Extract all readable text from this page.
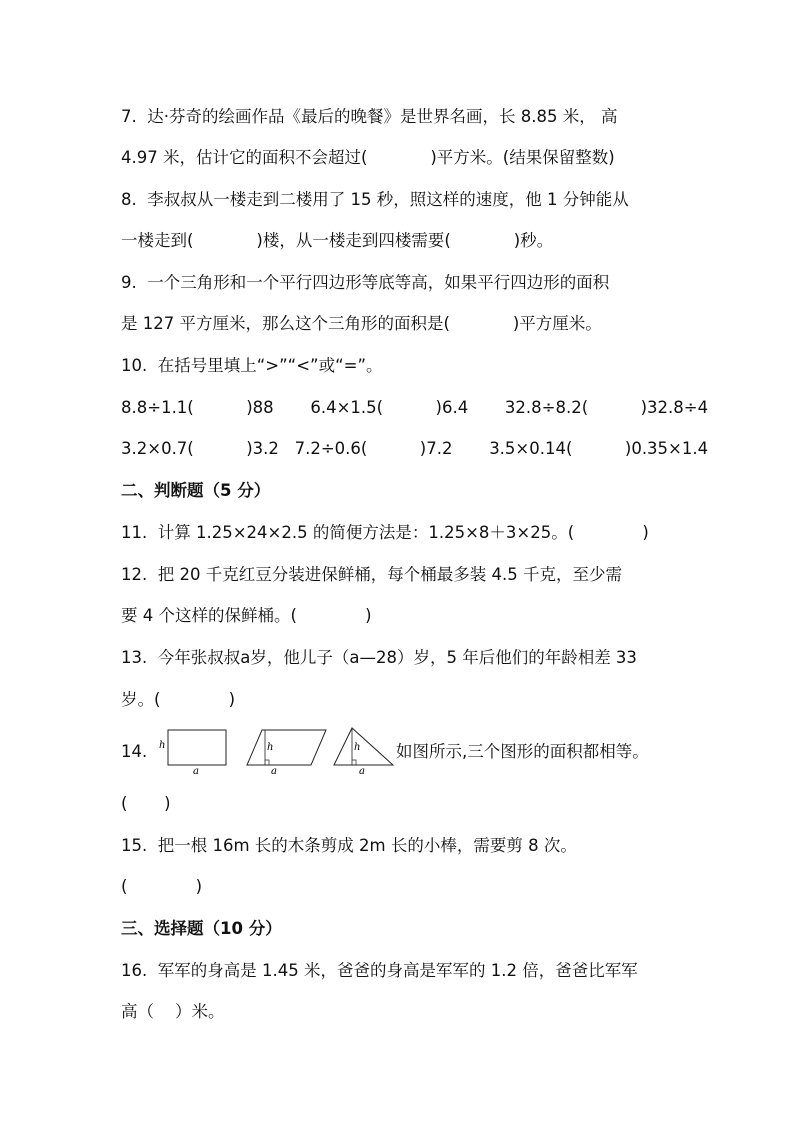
7.  达·芬奇的绘画作品《最后的晚餐》是世界名画，长 8.85 米， 高
4.97 米，估计它的面积不会超过(            )平方米。(结果保留整数)
8.  李叔叔从一楼走到二楼用了 15 秒，照这样的速度，他 1 分钟能从
一楼走到(            )楼，从一楼走到四楼需要(            )秒。
9.  一个三角形和一个平行四边形等底等高，如果平行四边形的面积
是 127 平方厘米，那么这个三角形的面积是(            )平方厘米。
10.  在括号里填上“>”“<”或“=”。
8.8÷1.1(          )88       6.4×1.5(          )6.4       32.8÷8.2(          )32.8÷4
3.2×0.7(          )3.2   7.2÷0.6(          )7.2       3.5×0.14(          )0.35×1.4
二、判断题（5 分）
11.  计算 1.25×24×2.5 的简便方法是：1.25×8＋3×25。(             )
12.  把 20 千克红豆分装进保鲜桶，每个桶最多装 4.5 千克，至少需
要 4 个这样的保鲜桶。(             )
13.  今年张叔叔a岁，他儿子（a—28）岁，5 年后他们的年龄相差 33
岁。(             )
14. h
a
h
a
h
a
如图所示,三个图形的面积都相等。
(       )
15.  把一根 16m 长的木条剪成 2m 长的小棒，需要剪 8 次。
(             )
三、选择题（10 分）
16.  军军的身高是 1.45 米，爸爸的身高是军军的 1.2 倍，爸爸比军军
高（    ）米。
